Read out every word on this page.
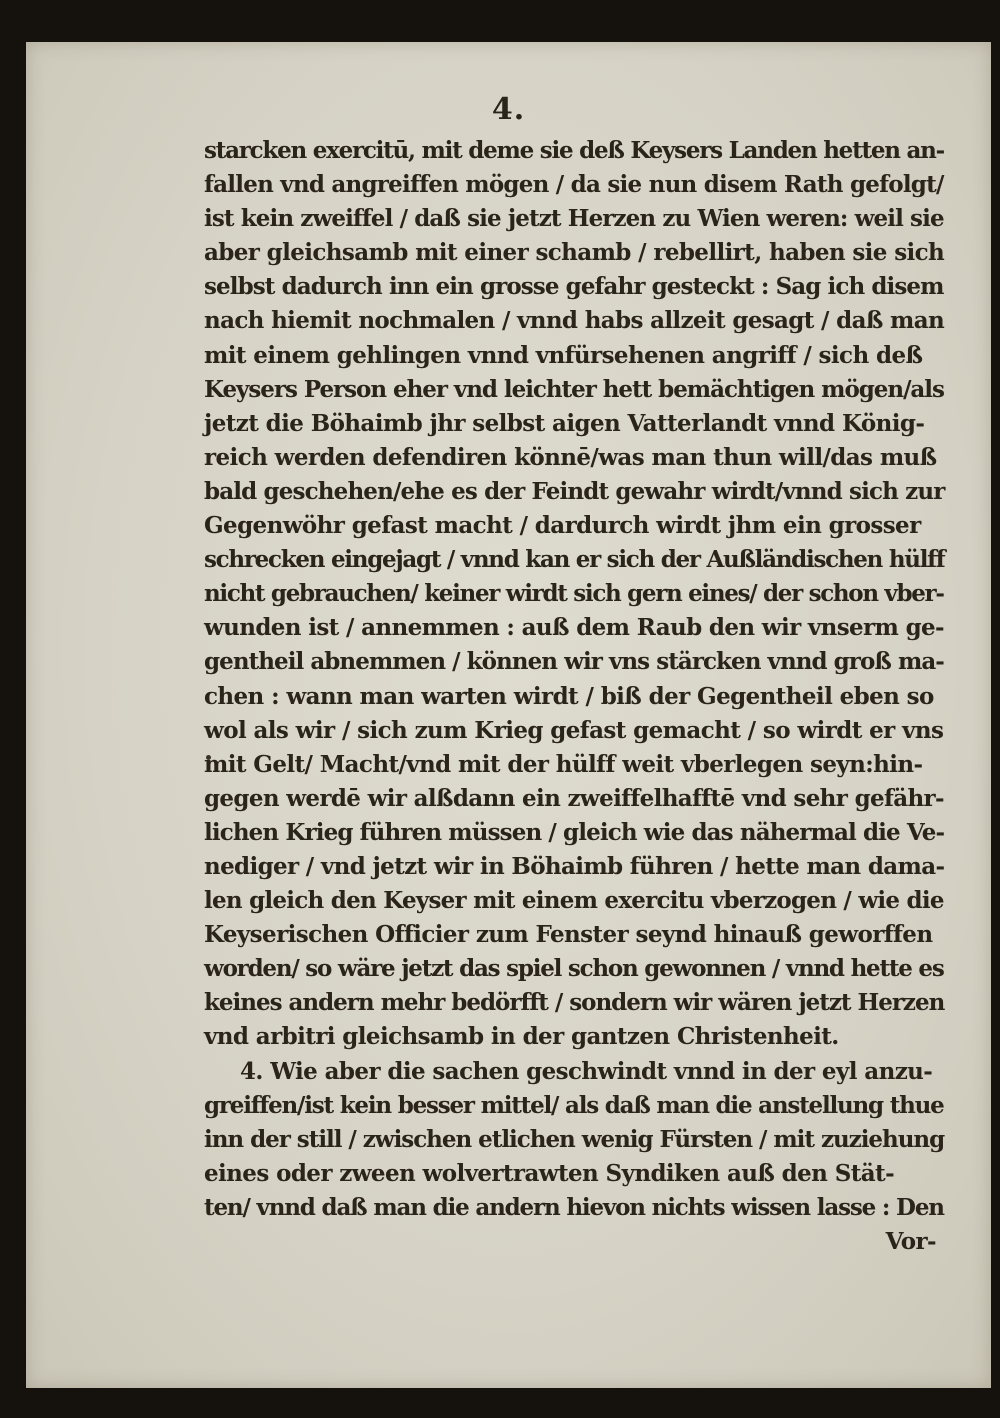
4.
starcken exercitū, mit deme sie deß Keysers Landen hetten an-
fallen vnd angreiffen mögen / da sie nun disem Rath gefolgt/
ist kein zweiffel / daß sie jetzt Herzen zu Wien weren: weil sie
aber gleichsamb mit einer schamb / rebellirt, haben sie sich
selbst dadurch inn ein grosse gefahr gesteckt : Sag ich disem
nach hiemit nochmalen / vnnd habs allzeit gesagt / daß man
mit einem gehlingen vnnd vnfürsehenen angriff / sich deß
Keysers Person eher vnd leichter hett bemächtigen mögen/als
jetzt die Böhaimb jhr selbst aigen Vatterlandt vnnd König-
reich werden defendiren könnē/was man thun will/das muß
bald geschehen/ehe es der Feindt gewahr wirdt/vnnd sich zur
Gegenwöhr gefast macht / dardurch wirdt jhm ein grosser
schrecken eingejagt / vnnd kan er sich der Außländischen hülff
nicht gebrauchen/ keiner wirdt sich gern eines/ der schon vber-
wunden ist / annemmen : auß dem Raub den wir vnserm ge-
gentheil abnemmen / können wir vns stärcken vnnd groß ma-
chen : wann man warten wirdt / biß der Gegentheil eben so
wol als wir / sich zum Krieg gefast gemacht / so wirdt er vns
mit Gelt/ Macht/vnd mit der hülff weit vberlegen seyn:hin-
gegen werdē wir alßdann ein zweiffelhafftē vnd sehr gefähr-
lichen Krieg führen müssen / gleich wie das nähermal die Ve-
nediger / vnd jetzt wir in Böhaimb führen / hette man dama-
len gleich den Keyser mit einem exercitu vberzogen / wie die
Keyserischen Officier zum Fenster seynd hinauß geworffen
worden/ so wäre jetzt das spiel schon gewonnen / vnnd hette es
keines andern mehr bedörfft / sondern wir wären jetzt Herzen
vnd arbitri gleichsamb in der gantzen Christenheit.
4. Wie aber die sachen geschwindt vnnd in der eyl anzu-
greiffen/ist kein besser mittel/ als daß man die anstellung thue
inn der still / zwischen etlichen wenig Fürsten / mit zuziehung
eines oder zween wolvertrawten Syndiken auß den Stät-
ten/ vnnd daß man die andern hievon nichts wissen lasse : Den
Vor-
